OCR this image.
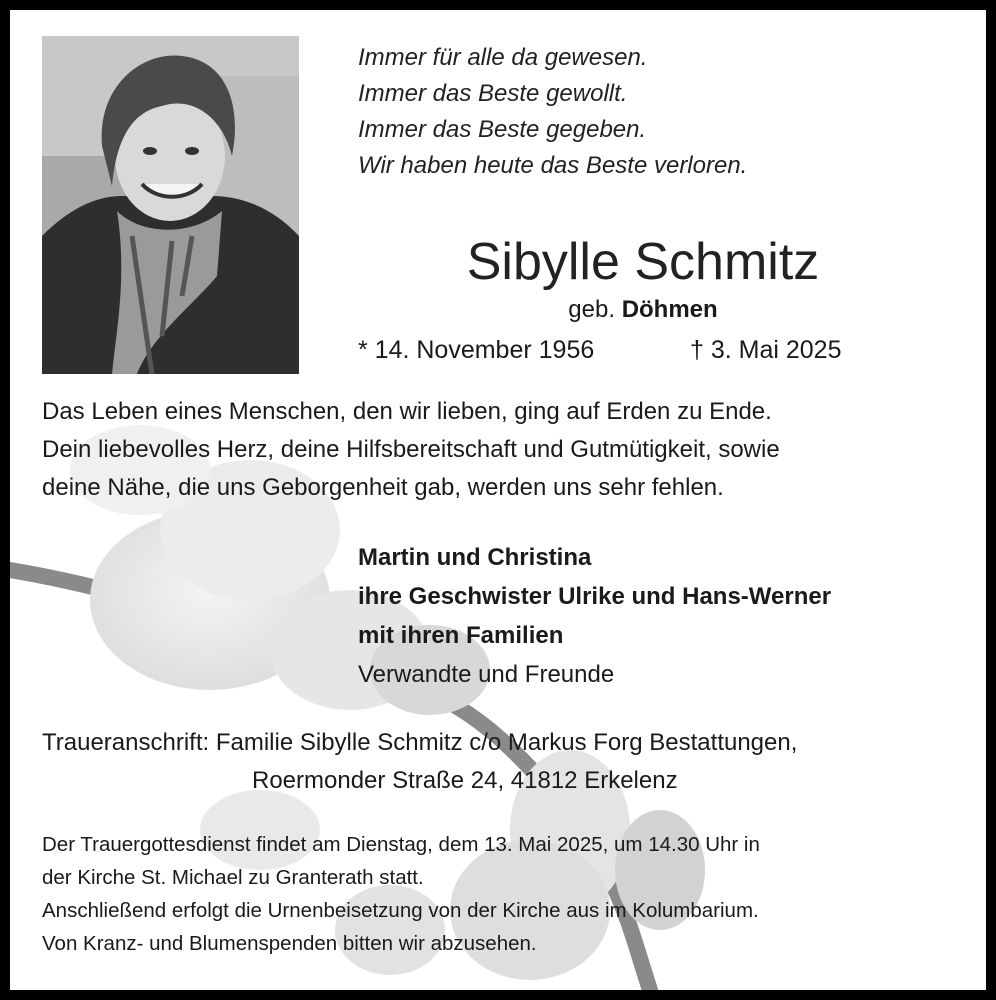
Immer für alle da gewesen.
Immer das Beste gewollt.
Immer das Beste gegeben.
Wir haben heute das Beste verloren.
Sibylle Schmitz
geb. Döhmen
* 14. November 1956	† 3. Mai 2025
Das Leben eines Menschen, den wir lieben, ging auf Erden zu Ende.
Dein liebevolles Herz, deine Hilfsbereitschaft und Gutmütigkeit, sowie
deine Nähe, die uns Geborgenheit gab, werden uns sehr fehlen.
Martin und Christina
ihre Geschwister Ulrike und Hans-Werner
mit ihren Familien
Verwandte und Freunde
Traueranschrift: Familie Sibylle Schmitz c/o Markus Forg Bestattungen,
Roermonder Straße 24, 41812 Erkelenz
Der Trauergottesdienst findet am Dienstag, dem 13. Mai 2025, um 14.30 Uhr in
der Kirche St. Michael zu Granterath statt.
Anschließend erfolgt die Urnenbeisetzung von der Kirche aus im Kolumbarium.
Von Kranz- und Blumenspenden bitten wir abzusehen.
